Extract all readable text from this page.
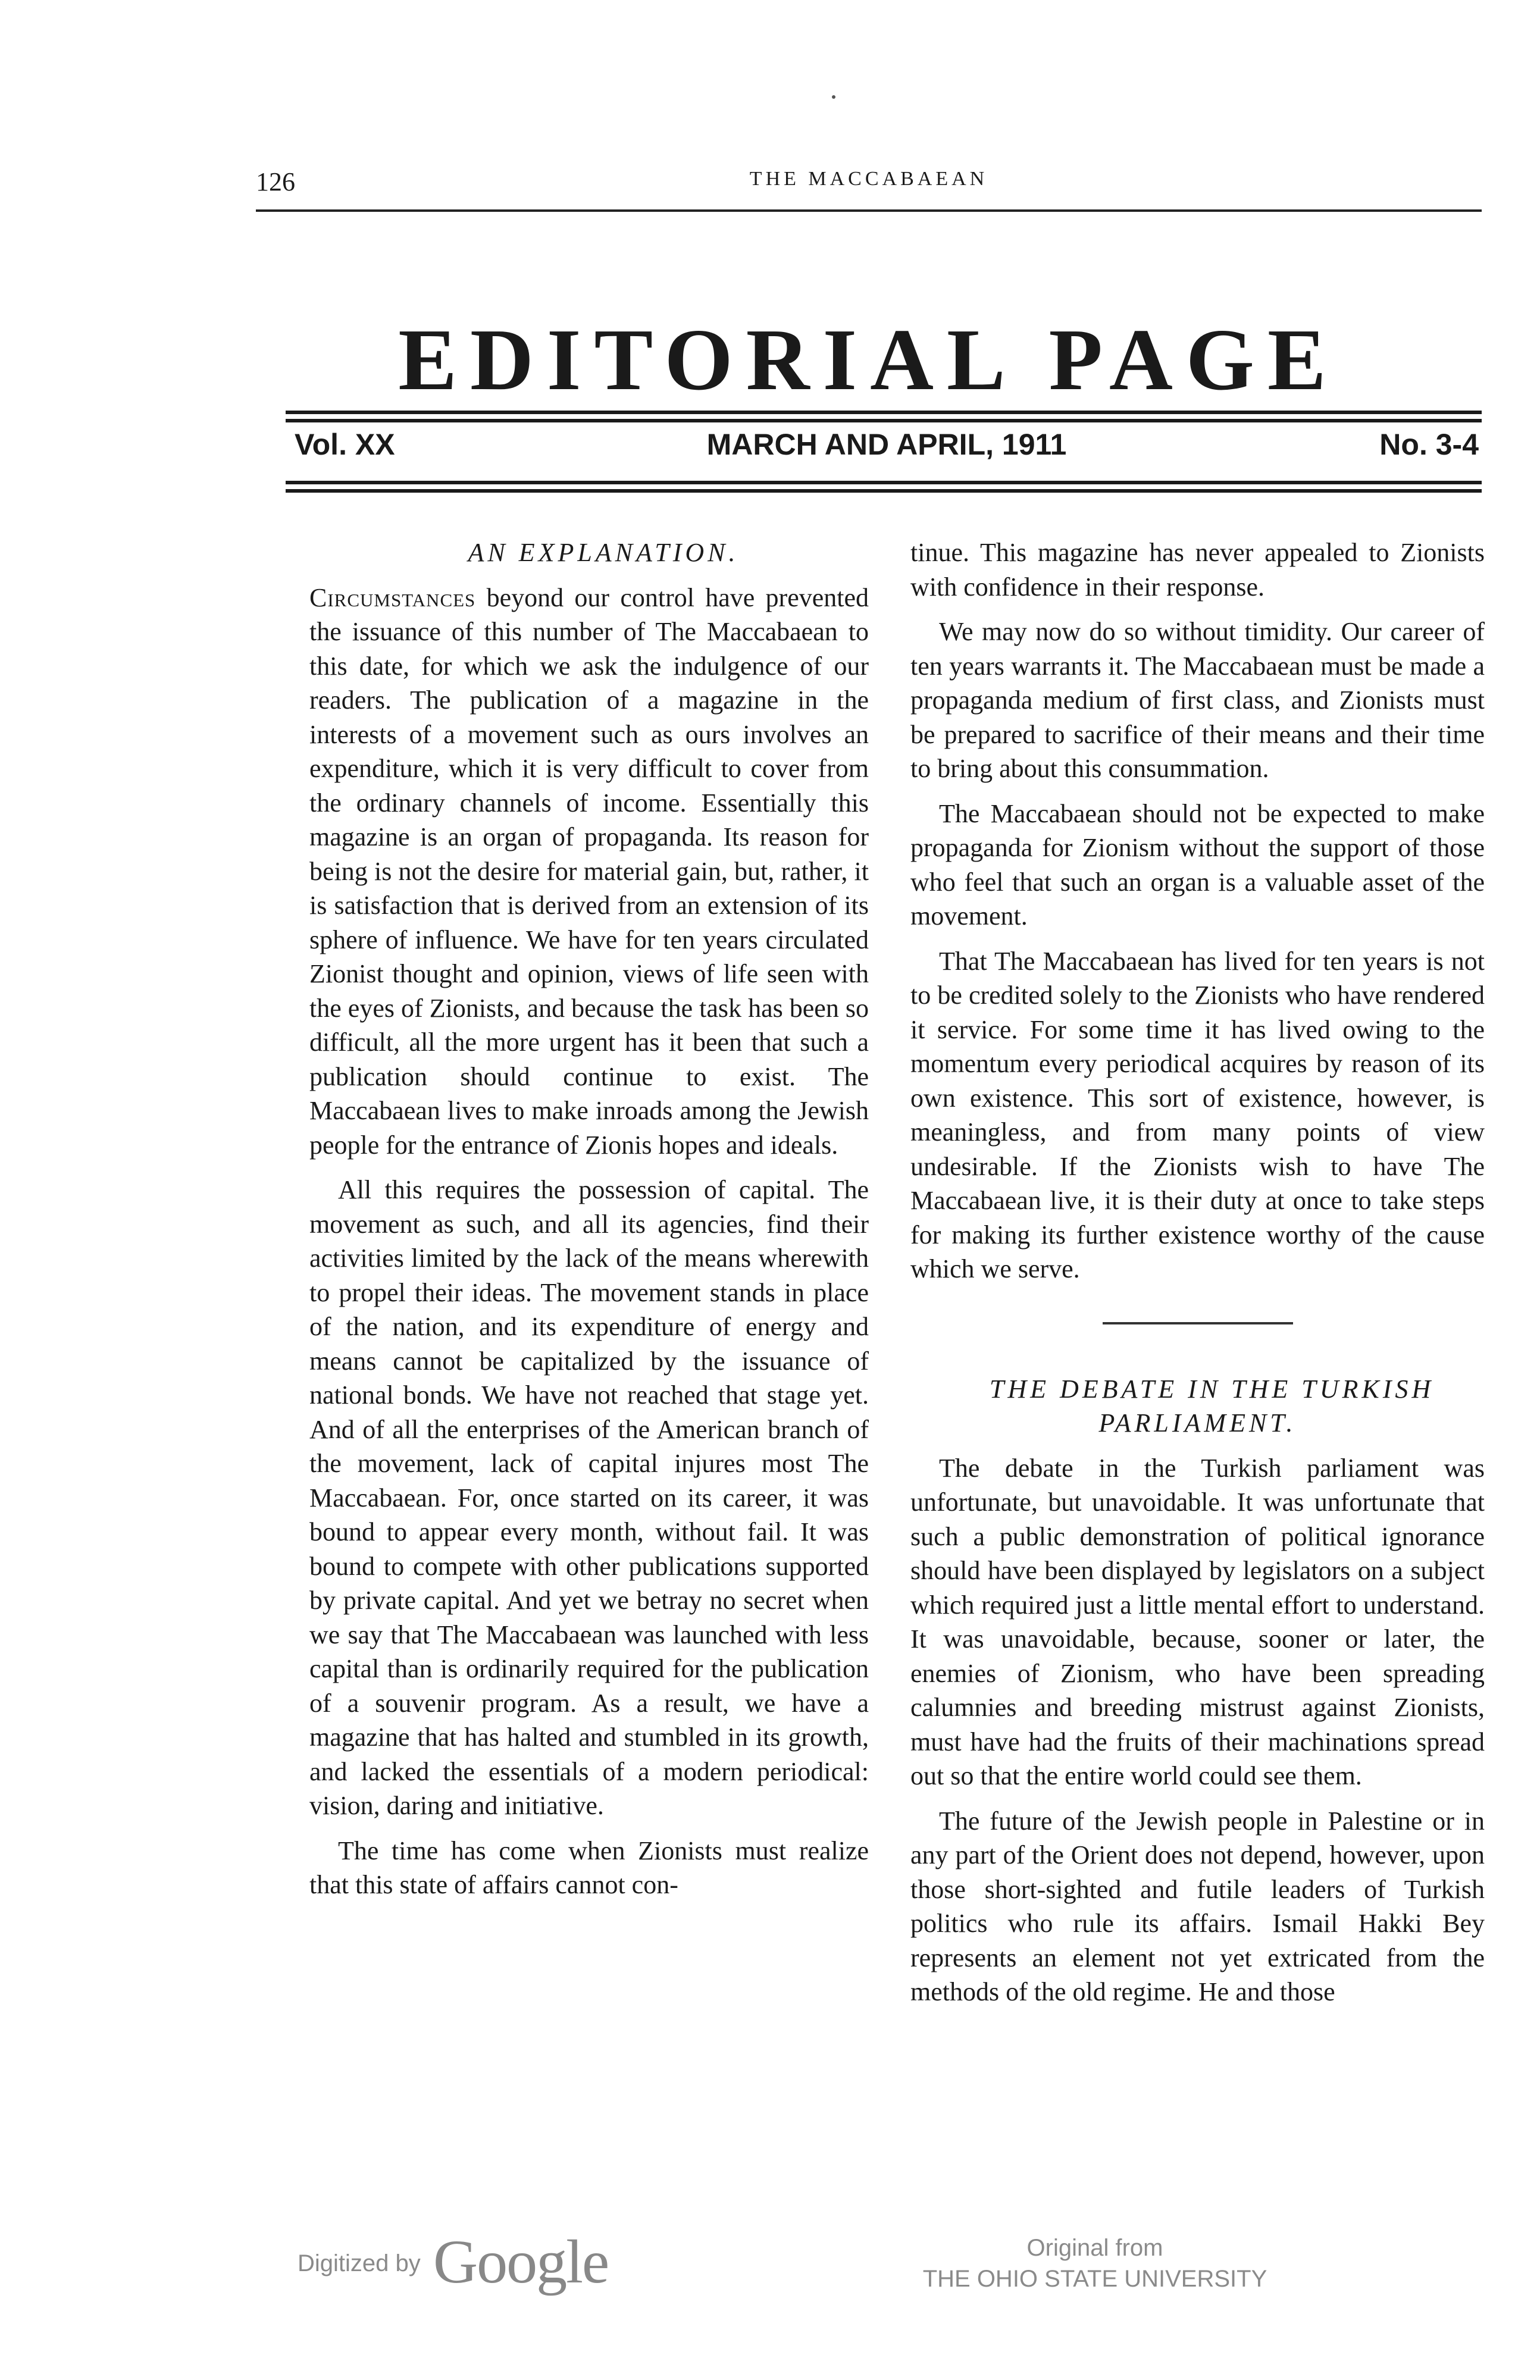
126	THE MACCABAEAN
EDITORIAL PAGE
Vol. XX	MARCH AND APRIL, 1911	No. 3-4

AN EXPLANATION.

Circumstances beyond our control have prevented the issuance of this number of The Maccabaean to this date, for which we ask the indulgence of our readers. The publication of a magazine in the interests of a movement such as ours involves an expenditure, which it is very difficult to cover from the ordinary channels of income. Essentially this magazine is an organ of propaganda. Its reason for being is not the desire for material gain, but, rather, it is satisfaction that is derived from an extension of its sphere of influence. We have for ten years circulated Zionist thought and opinion, views of life seen with the eyes of Zionists, and because the task has been so difficult, all the more urgent has it been that such a publication should continue to exist. The Maccabaean lives to make inroads among the Jewish people for the entrance of Zionis hopes and ideals.

All this requires the possession of capital. The movement as such, and all its agencies, find their activities limited by the lack of the means wherewith to propel their ideas. The movement stands in place of the nation, and its expenditure of energy and means cannot be capitalized by the issuance of national bonds. We have not reached that stage yet. And of all the enterprises of the American branch of the movement, lack of capital injures most The Maccabaean. For, once started on its career, it was bound to appear every month, without fail. It was bound to compete with other publications supported by private capital. And yet we betray no secret when we say that The Maccabaean was launched with less capital than is ordinarily required for the publication of a souvenir program. As a result, we have a magazine that has halted and stumbled in its growth, and lacked the essentials of a modern periodical: vision, daring and initiative.

The time has come when Zionists must realize that this state of affairs cannot con-

tinue. This magazine has never appealed to Zionists with confidence in their response.

We may now do so without timidity. Our career of ten years warrants it. The Maccabaean must be made a propaganda medium of first class, and Zionists must be prepared to sacrifice of their means and their time to bring about this consummation.

The Maccabaean should not be expected to make propaganda for Zionism without the support of those who feel that such an organ is a valuable asset of the movement.

That The Maccabaean has lived for ten years is not to be credited solely to the Zionists who have rendered it service. For some time it has lived owing to the momentum every periodical acquires by reason of its own existence. This sort of existence, however, is meaningless, and from many points of view undesirable. If the Zionists wish to have The Maccabaean live, it is their duty at once to take steps for making its further existence worthy of the cause which we serve.

THE DEBATE IN THE TURKISH PARLIAMENT.

The debate in the Turkish parliament was unfortunate, but unavoidable. It was unfortunate that such a public demonstration of political ignorance should have been displayed by legislators on a subject which required just a little mental effort to understand. It was unavoidable, because, sooner or later, the enemies of Zionism, who have been spreading calumnies and breeding mistrust against Zionists, must have had the fruits of their machinations spread out so that the entire world could see them.

The future of the Jewish people in Palestine or in any part of the Orient does not depend, however, upon those short-sighted and futile leaders of Turkish politics who rule its affairs. Ismail Hakki Bey represents an element not yet extricated from the methods of the old regime. He and those

Digitized by Google	Original from
THE OHIO STATE UNIVERSITY
